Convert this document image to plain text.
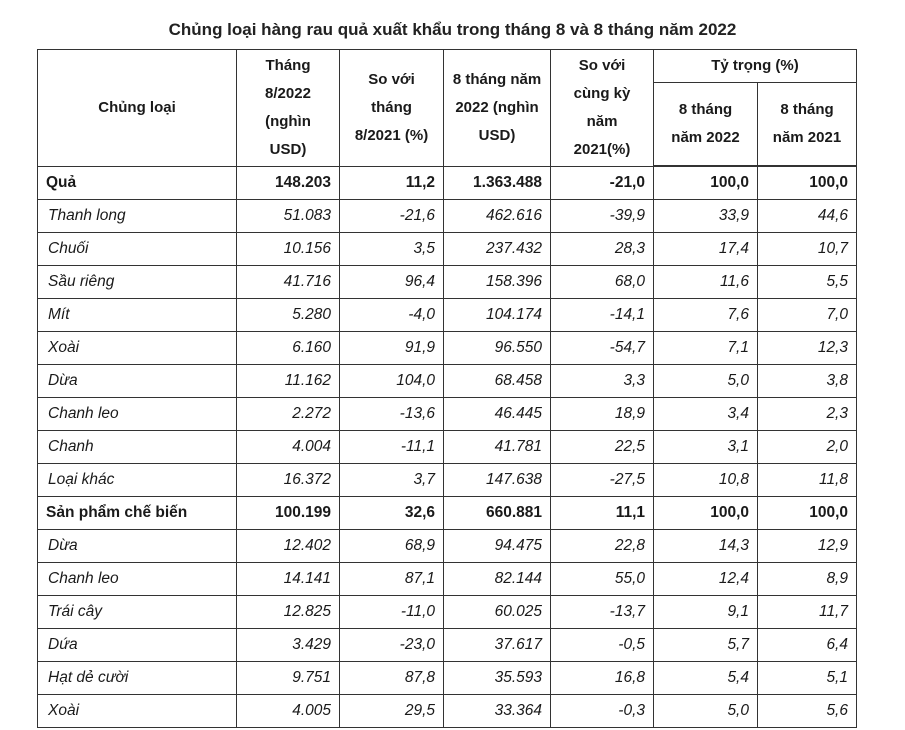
Chủng loại hàng rau quả xuất khẩu trong tháng 8 và 8 tháng năm 2022
Chủng loại	Tháng 8/2022 (nghìn USD)	So với tháng 8/2021 (%)	8 tháng năm 2022 (nghìn USD)	So với cùng kỳ năm 2021(%)	Tỷ trọng (%)	
					8 tháng năm 2022	8 tháng năm 2021
Quả	148.203	11,2	1.363.488	-21,0	100,0	100,0
Thanh long	51.083	-21,6	462.616	-39,9	33,9	44,6
Chuối	10.156	3,5	237.432	28,3	17,4	10,7
Sầu riêng	41.716	96,4	158.396	68,0	11,6	5,5
Mít	5.280	-4,0	104.174	-14,1	7,6	7,0
Xoài	6.160	91,9	96.550	-54,7	7,1	12,3
Dừa	11.162	104,0	68.458	3,3	5,0	3,8
Chanh leo	2.272	-13,6	46.445	18,9	3,4	2,3
Chanh	4.004	-11,1	41.781	22,5	3,1	2,0
Loại khác	16.372	3,7	147.638	-27,5	10,8	11,8
Sản phẩm chế biến	100.199	32,6	660.881	11,1	100,0	100,0
Dừa	12.402	68,9	94.475	22,8	14,3	12,9
Chanh leo	14.141	87,1	82.144	55,0	12,4	8,9
Trái cây	12.825	-11,0	60.025	-13,7	9,1	11,7
Dứa	3.429	-23,0	37.617	-0,5	5,7	6,4
Hạt dẻ cười	9.751	87,8	35.593	16,8	5,4	5,1
Xoài	4.005	29,5	33.364	-0,3	5,0	5,6
